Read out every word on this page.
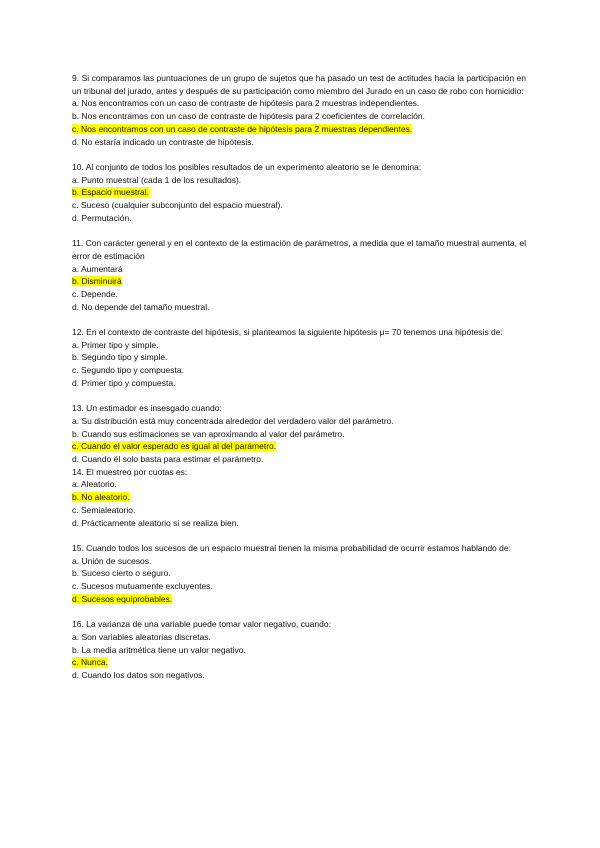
9. Si comparamos las puntuaciones de un grupo de sujetos que ha pasado un test de actitudes hacia la participación en un tribunal del jurado, antes y después de su participación como miembro del Jurado en un caso de robo con homicidio:
a. Nos encontramos con un caso de contraste de hipótesis para 2 muestras independientes.
b. Nos encontramos con un caso de contraste de hipótesis para 2 coeficientes de correlación.
c. Nos encontramos con un caso de contraste de hipótesis para 2 muestras dependientes.
d. No estaría indicado un contraste de hipótesis.
10. Al conjunto de todos los posibles resultados de un experimento aleatorio se le denomina:
a. Punto muestral (cada 1 de los resultados).
b. Espacio muestral.
c. Suceso (cualquier subconjunto del espacio muestral).
d. Permutación.
11. Con carácter general y en el contexto de la estimación de parámetros, a medida que el tamaño muestral aumenta, el error de estimación
a. Aumentará
b. Disminuirá
c. Depende.
d. No depende del tamaño muestral.
12. En el contexto de contraste del hipótesis, si planteamos la siguiente hipótesis μ= 70 tenemos una hipótesis de:
a. Primer tipo y simple.
b. Segundo tipo y simple.
c. Segundo tipo y compuesta.
d. Primer tipo y compuesta.
13. Un estimador es insesgado cuando:
a. Su distribución está muy concentrada alrededor del verdadero valor del parámetro.
b. Cuando sus estimaciones se van aproximando al valor del parámetro.
c. Cuando el valor esperado es igual al del parámetro.
d. Cuando él solo basta para estimar el parámetro.
14. El muestreo por cuotas es:
a. Aleatorio.
b. No aleatorio.
c. Semialeatorio.
d. Prácticamente aleatorio si se realiza bien.
15. Cuando todos los sucesos de un espacio muestral tienen la misma probabilidad de ocurrir estamos hablando de:
a. Unión de sucesos.
b. Suceso cierto o seguro.
c. Sucesos mutuamente excluyentes.
d. Sucesos equiprobables.
16. La varianza de una variable puede tomar valor negativo, cuando:
a. Son variables aleatorias discretas.
b. La media aritmética tiene un valor negativo.
c. Nunca.
d. Cuando los datos son negativos.
